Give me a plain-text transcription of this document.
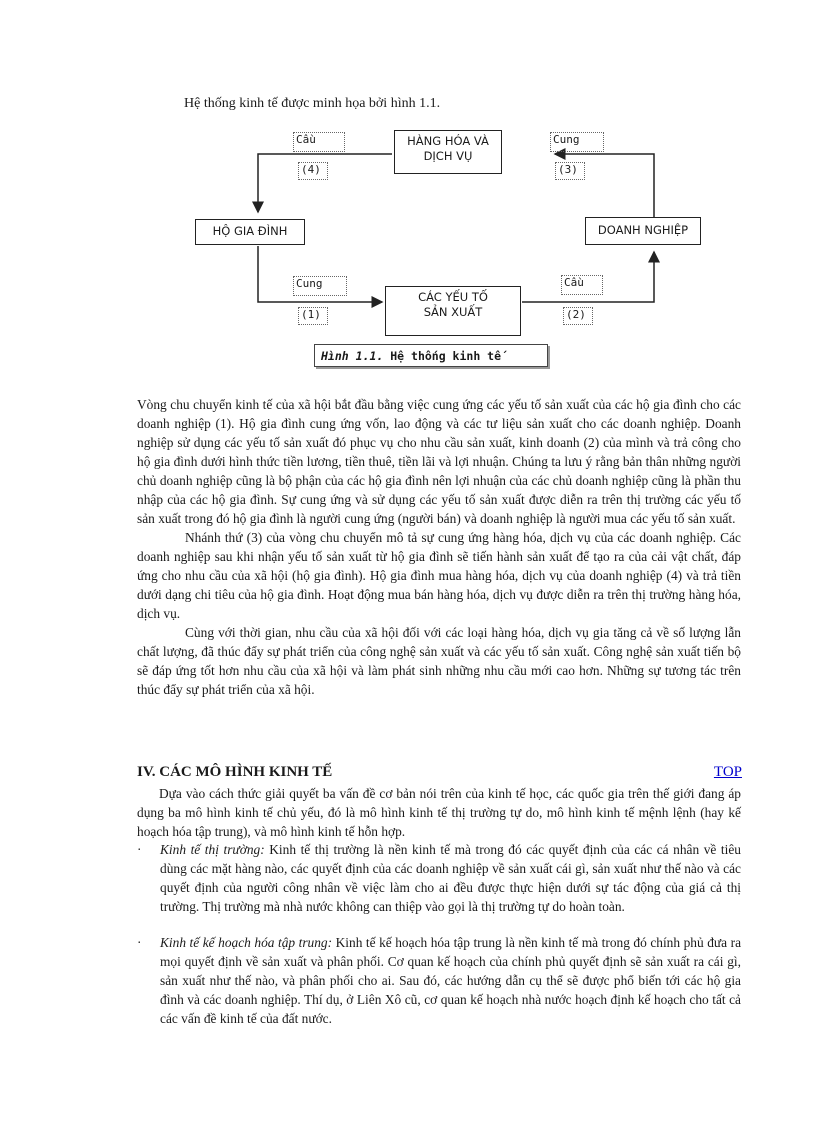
Hệ thống kinh tế được minh họa bởi hình 1.1.
HÀNG HÓA VÀ
DỊCH VỤ
HỘ GIA ĐÌNH	DOANH NGHIỆP
CÁC YẾU TỐ
SẢN XUẤT
Cầu
(4)
Cung
(3)
Cung
(1)
Cầu
(2)
Hình 1.1. Hệ thống kinh tế

Vòng chu chuyển kinh tế của xã hội bắt đầu bằng việc cung ứng các yếu tố sản xuất của các hộ gia đình cho các doanh nghiệp (1). Hộ gia đình cung ứng vốn, lao động và các tư liệu sản xuất cho các doanh nghiệp. Doanh nghiệp sử dụng các yếu tố sản xuất đó phục vụ cho nhu cầu sản xuất, kinh doanh (2) của mình và trả công cho hộ gia đình dưới hình thức tiền lương, tiền thuê, tiền lãi và lợi nhuận. Chúng ta lưu ý rằng bản thân những người chủ doanh nghiệp cũng là bộ phận của các hộ gia đình nên lợi nhuận của các chủ doanh nghiệp cũng là phần thu nhập của các hộ gia đình. Sự cung ứng và sử dụng các yếu tố sản xuất được diễn ra trên thị trường các yếu tố sản xuất trong đó hộ gia đình là người cung ứng (người bán) và doanh nghiệp là người mua các yếu tố sản xuất.

Nhánh thứ (3) của vòng chu chuyển mô tả sự cung ứng hàng hóa, dịch vụ của các doanh nghiệp. Các doanh nghiệp sau khi nhận yếu tố sản xuất từ hộ gia đình sẽ tiến hành sản xuất để tạo ra của cải vật chất, đáp ứng cho nhu cầu của xã hội (hộ gia đình). Hộ gia đình mua hàng hóa, dịch vụ của doanh nghiệp (4) và trả tiền dưới dạng chi tiêu của hộ gia đình. Hoạt động mua bán hàng hóa, dịch vụ được diễn ra trên thị trường hàng hóa, dịch vụ.

Cùng với thời gian, nhu cầu của xã hội đối với các loại hàng hóa, dịch vụ gia tăng cả về số lượng lẫn chất lượng, đã thúc đẩy sự phát triển của công nghệ sản xuất và các yếu tố sản xuất. Công nghệ sản xuất tiến bộ sẽ đáp ứng tốt hơn nhu cầu của xã hội và làm phát sinh những nhu cầu mới cao hơn. Những sự tương tác trên thúc đẩy sự phát triển của xã hội.

IV. CÁC MÔ HÌNH KINH TẾ	TOP
Dựa vào cách thức giải quyết ba vấn đề cơ bản nói trên của kinh tế học, các quốc gia trên thế giới đang áp dụng ba mô hình kinh tế chủ yếu, đó là mô hình kinh tế thị trường tự do, mô hình kinh tế mệnh lệnh (hay kế hoạch hóa tập trung), và mô hình kinh tế hỗn hợp.
· Kinh tế thị trường: Kinh tế thị trường là nền kinh tế mà trong đó các quyết định của các cá nhân về tiêu dùng các mặt hàng nào, các quyết định của các doanh nghiệp về sản xuất cái gì, sản xuất như thế nào và các quyết định của người công nhân về việc làm cho ai đều được thực hiện dưới sự tác động của giá cả thị trường. Thị trường mà nhà nước không can thiệp vào gọi là thị trường tự do hoàn toàn.
· Kinh tế kế hoạch hóa tập trung: Kinh tế kế hoạch hóa tập trung là nền kinh tế mà trong đó chính phủ đưa ra mọi quyết định về sản xuất và phân phối. Cơ quan kế hoạch của chính phủ quyết định sẽ sản xuất ra cái gì, sản xuất như thế nào, và phân phối cho ai. Sau đó, các hướng dẫn cụ thể sẽ được phổ biến tới các hộ gia đình và các doanh nghiệp. Thí dụ, ở Liên Xô cũ, cơ quan kế hoạch nhà nước hoạch định kế hoạch cho tất cả các vấn đề kinh tế của đất nước.
